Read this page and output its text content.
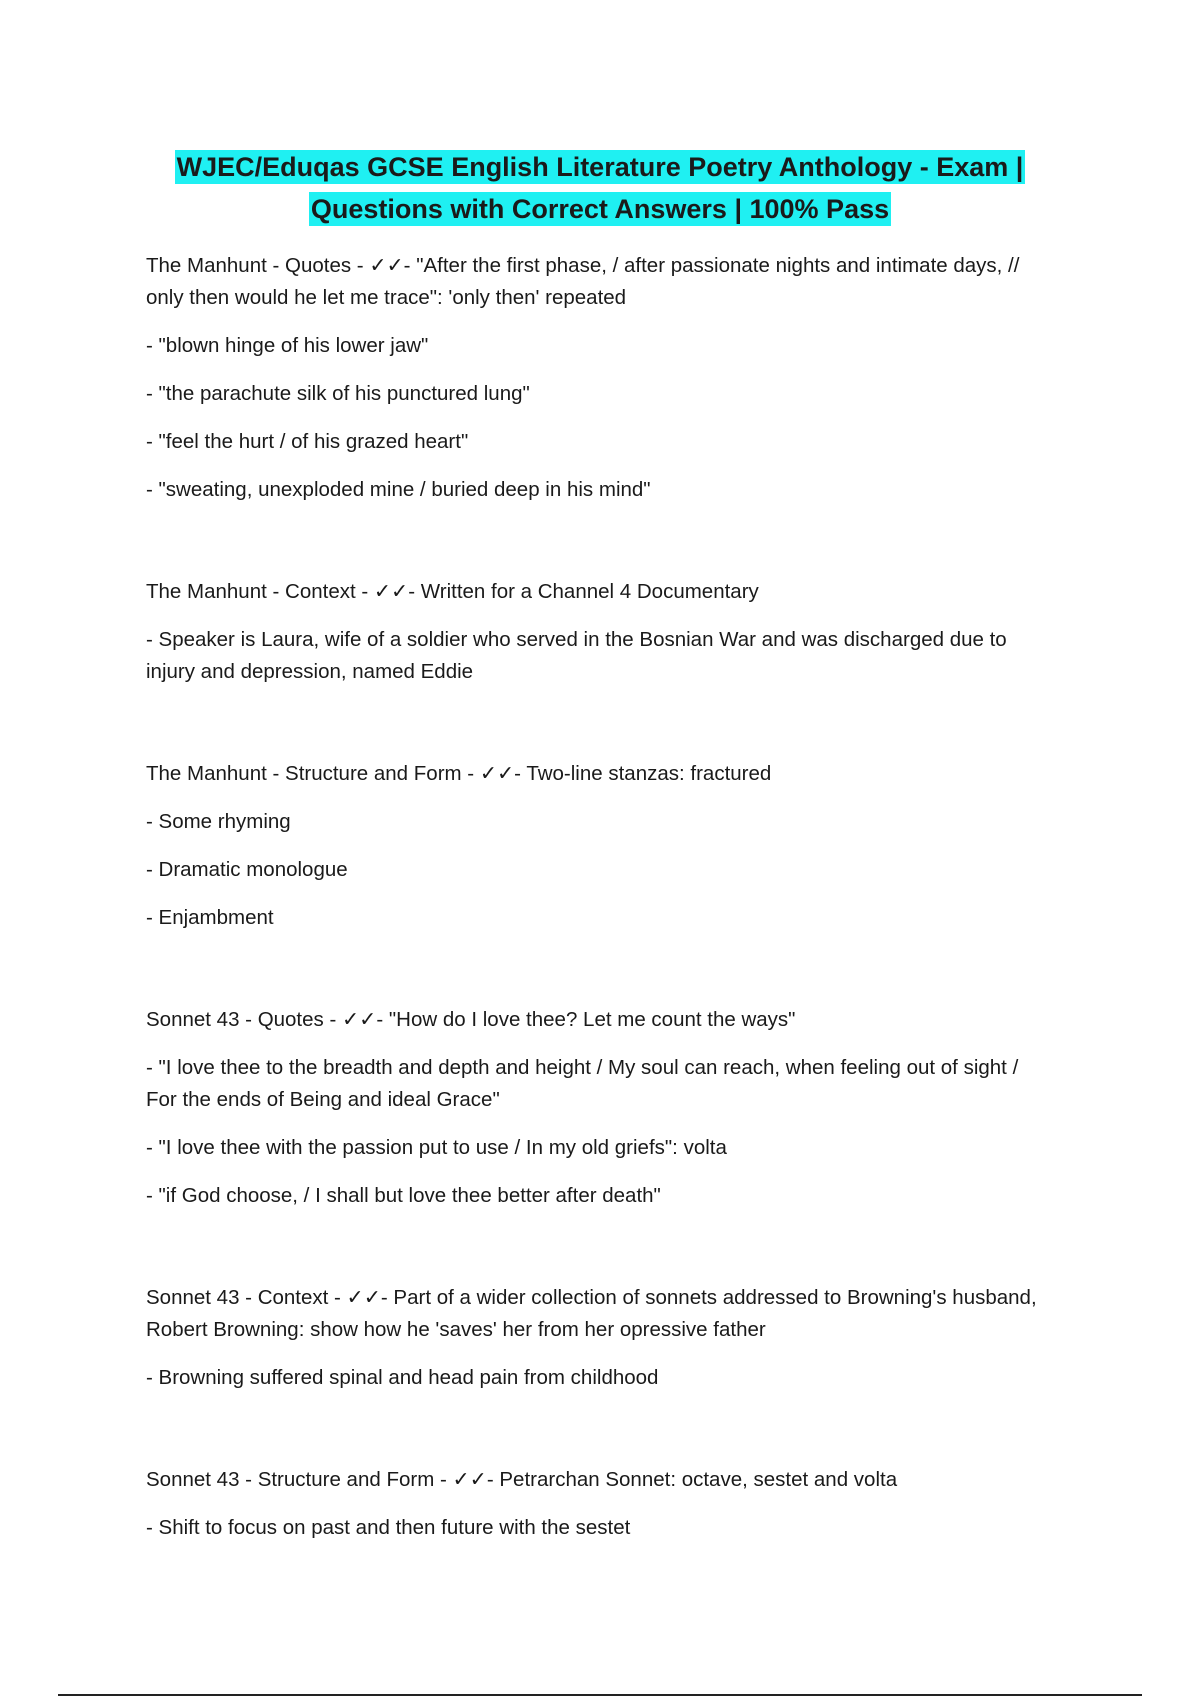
WJEC/Eduqas GCSE English Literature Poetry Anthology - Exam |
Questions with Correct Answers | 100% Pass

The Manhunt - Quotes - ✓✓- "After the first phase, / after passionate nights and intimate days, // only then would he let me trace": 'only then' repeated

- "blown hinge of his lower jaw"

- "the parachute silk of his punctured lung"

- "feel the hurt / of his grazed heart"

- "sweating, unexploded mine / buried deep in his mind"

The Manhunt - Context - ✓✓- Written for a Channel 4 Documentary

- Speaker is Laura, wife of a soldier who served in the Bosnian War and was discharged due to injury and depression, named Eddie

The Manhunt - Structure and Form - ✓✓- Two-line stanzas: fractured

- Some rhyming

- Dramatic monologue

- Enjambment

Sonnet 43 - Quotes - ✓✓- "How do I love thee? Let me count the ways"

- "I love thee to the breadth and depth and height / My soul can reach, when feeling out of sight / For the ends of Being and ideal Grace"

- "I love thee with the passion put to use / In my old griefs": volta

- "if God choose, / I shall but love thee better after death"

Sonnet 43 - Context - ✓✓- Part of a wider collection of sonnets addressed to Browning's husband, Robert Browning: show how he 'saves' her from her opressive father

- Browning suffered spinal and head pain from childhood

Sonnet 43 - Structure and Form - ✓✓- Petrarchan Sonnet: octave, sestet and volta

- Shift to focus on past and then future with the sestet
